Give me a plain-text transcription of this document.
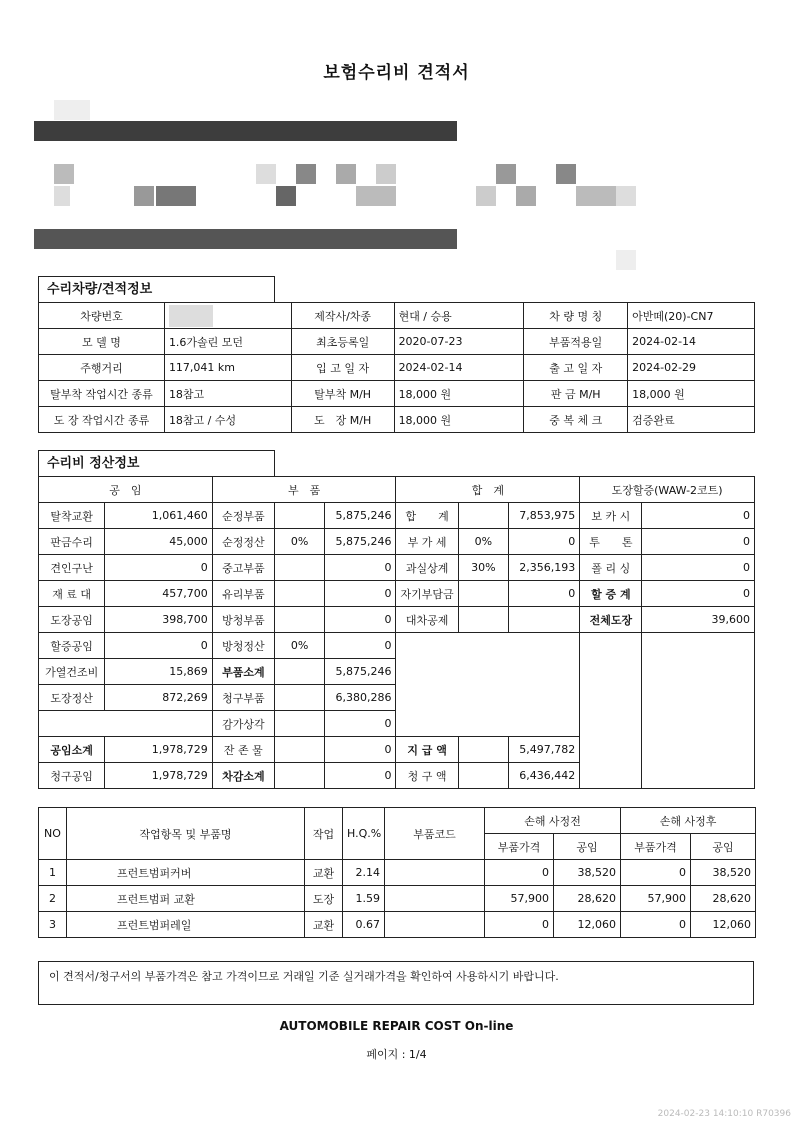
보험수리비 견적서
수리차량/견적정보
차량번호		제작사/차종	현대 / 승용	차 량 명 칭	아반떼(20)-CN7
모 델 명	1.6가솔린 모던	최초등록일	2020-07-23	부품적용일	2024-02-14
주행거리	117,041 km	입 고 일 자	2024-02-14	출 고 일 자	2024-02-29
탈부착 작업시간 종류	18참고	탈부착 M/H	18,000 원	판 금 M/H	18,000 원
도 장 작업시간 종류	18참고 / 수성	도　장 M/H	18,000 원	중 복 체 크	검증완료
수리비 정산정보
공　임		부　품			합　계			도장할증(WAW-2코트)	
탈착교환	1,061,460	순정부품		5,875,246	합　　계		7,853,975	보 카 시	0
판금수리	45,000	순정정산	0%	5,875,246	부 가 세	0%	0	투　　톤	0
견인구난	0	중고부품		0	과실상계	30%	2,356,193	폴 리 싱	0
재 료 대	457,700	유리부품		0	자기부담금		0	할 증 계	0
도장공임	398,700	방청부품		0	대차공제			전체도장	39,600
할증공임	0	방청정산	0%	0					
가열건조비	15,869	부품소계		5,875,246					
도장정산	872,269	청구부품		6,380,286					
		감가상각		0					
공임소계	1,978,729	잔 존 물		0	지 급 액		5,497,782		
청구공임	1,978,729	차감소계		0	청 구 액		6,436,442		
NO	작업항목 및 부품명	작업	H.Q.%	부품코드	손해 사정전		손해 사정후	
					부품가격	공임	부품가격	공임
1	프런트범퍼커버	교환	2.14		0	38,520	0	38,520
2	프런트범퍼 교환	도장	1.59		57,900	28,620	57,900	28,620
3	프런트범퍼레일	교환	0.67		0	12,060	0	12,060
이 견적서/청구서의 부품가격은 참고 가격이므로 거래일 기준 실거래가격을 확인하여 사용하시기 바랍니다.
AUTOMOBILE REPAIR COST On-line
페이지 : 1/4
2024-02-23 14:10:10 R70396
